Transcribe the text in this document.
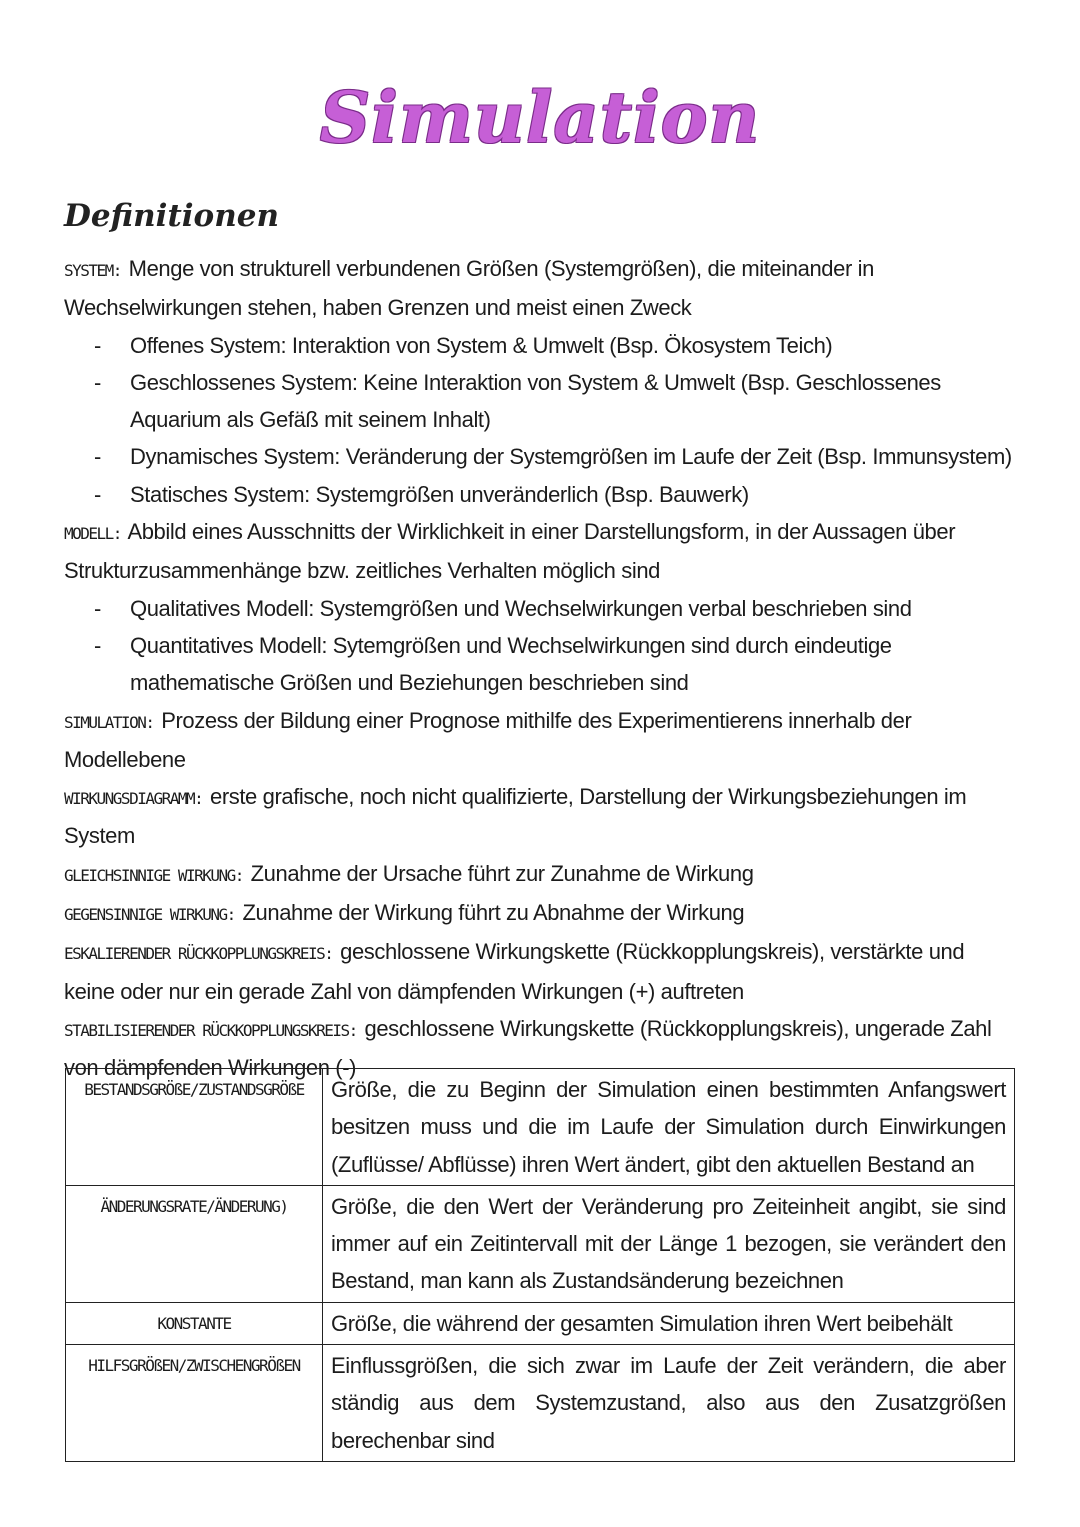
Simulation
Definitionen

SYSTEM: Menge von strukturell verbundenen Größen (Systemgrößen), die miteinander in Wechselwirkungen stehen, haben Grenzen und meist einen Zweck

- Offenes System: Interaktion von System & Umwelt (Bsp. Ökosystem Teich)
- Geschlossenes System: Keine Interaktion von System & Umwelt (Bsp. Geschlossenes Aquarium als Gefäß mit seinem Inhalt)
- Dynamisches System: Veränderung der Systemgrößen im Laufe der Zeit (Bsp. Immunsystem)
- Statisches System: Systemgrößen unveränderlich (Bsp. Bauwerk)

MODELL: Abbild eines Ausschnitts der Wirklichkeit in einer Darstellungsform, in der Aussagen über Strukturzusammenhänge bzw. zeitliches Verhalten möglich sind

- Qualitatives Modell: Systemgrößen und Wechselwirkungen verbal beschrieben sind
- Quantitatives Modell: Sytemgrößen und Wechselwirkungen sind durch eindeutige mathematische Größen und Beziehungen beschrieben sind

SIMULATION: Prozess der Bildung einer Prognose mithilfe des Experimentierens innerhalb der Modellebene

WIRKUNGSDIAGRAMM: erste grafische, noch nicht qualifizierte, Darstellung der Wirkungsbeziehungen im System

GLEICHSINNIGE WIRKUNG: Zunahme der Ursache führt zur Zunahme de Wirkung

GEGENSINNIGE WIRKUNG: Zunahme der Wirkung führt zu Abnahme der Wirkung

ESKALIERENDER RÜCKKOPPLUNGSKREIS: geschlossene Wirkungskette (Rückkopplungskreis), verstärkte und keine oder nur ein gerade Zahl von dämpfenden Wirkungen (+) auftreten

STABILISIERENDER RÜCKKOPPLUNGSKREIS: geschlossene Wirkungskette (Rückkopplungskreis), ungerade Zahl von dämpfenden Wirkungen (-)

BESTANDSGRÖßE/ZUSTANDSGRÖßE	Größe, die zu Beginn der Simulation einen bestimmten Anfangswert besitzen muss und die im Laufe der Simulation durch Einwirkungen (Zuflüsse/ Abflüsse) ihren Wert ändert, gibt den aktuellen Bestand an
ÄNDERUNGSRATE/ÄNDERUNG)	Größe, die den Wert der Veränderung pro Zeiteinheit angibt, sie sind immer auf ein Zeitintervall mit der Länge 1 bezogen, sie verändert den Bestand, man kann als Zustandsänderung bezeichnen
KONSTANTE	Größe, die während der gesamten Simulation ihren Wert beibehält
HILFSGRÖßEN/ZWISCHENGRÖßEN	Einflussgrößen, die sich zwar im Laufe der Zeit verändern, die aber ständig aus dem Systemzustand, also aus den Zusatzgrößen berechenbar sind
